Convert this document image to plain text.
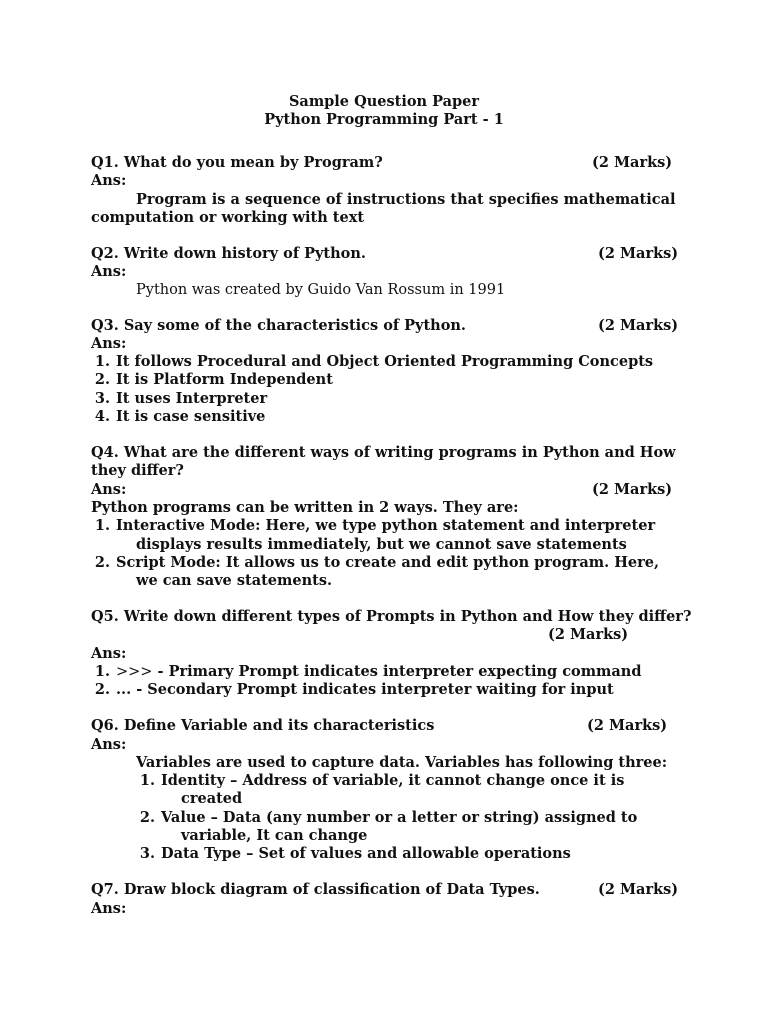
Sample Question Paper
Python Programming Part - 1
Q1. What do you mean by Program?	(2 Marks)
Ans:
Program is a sequence of instructions that specifies mathematical
computation or working with text
Q2. Write down history of Python.	(2 Marks)
Ans:
Python was created by Guido Van Rossum in 1991
Q3. Say some of the characteristics of Python.	(2 Marks)
Ans:
1. It follows Procedural and Object Oriented Programming Concepts
2. It is Platform Independent
3. It uses Interpreter
4. It is case sensitive
Q4. What are the different ways of writing programs in Python and How
they differ?
Ans:	(2 Marks)
Python programs can be written in 2 ways. They are:
1. Interactive Mode: Here, we type python statement and interpreter
displays results immediately, but we cannot save statements
2. Script Mode: It allows us to create and edit python program. Here,
we can save statements.
Q5. Write down different types of Prompts in Python and How they differ?
(2 Marks)
Ans:
1. >>> - Primary Prompt indicates interpreter expecting command
2. ... - Secondary Prompt indicates interpreter waiting for input
Q6. Define Variable and its characteristics	(2 Marks)
Ans:
Variables are used to capture data. Variables has following three:
1. Identity – Address of variable, it cannot change once it is
created
2. Value – Data (any number or a letter or string) assigned to
variable, It can change
3. Data Type – Set of values and allowable operations
Q7. Draw block diagram of classification of Data Types.	(2 Marks)
Ans:
